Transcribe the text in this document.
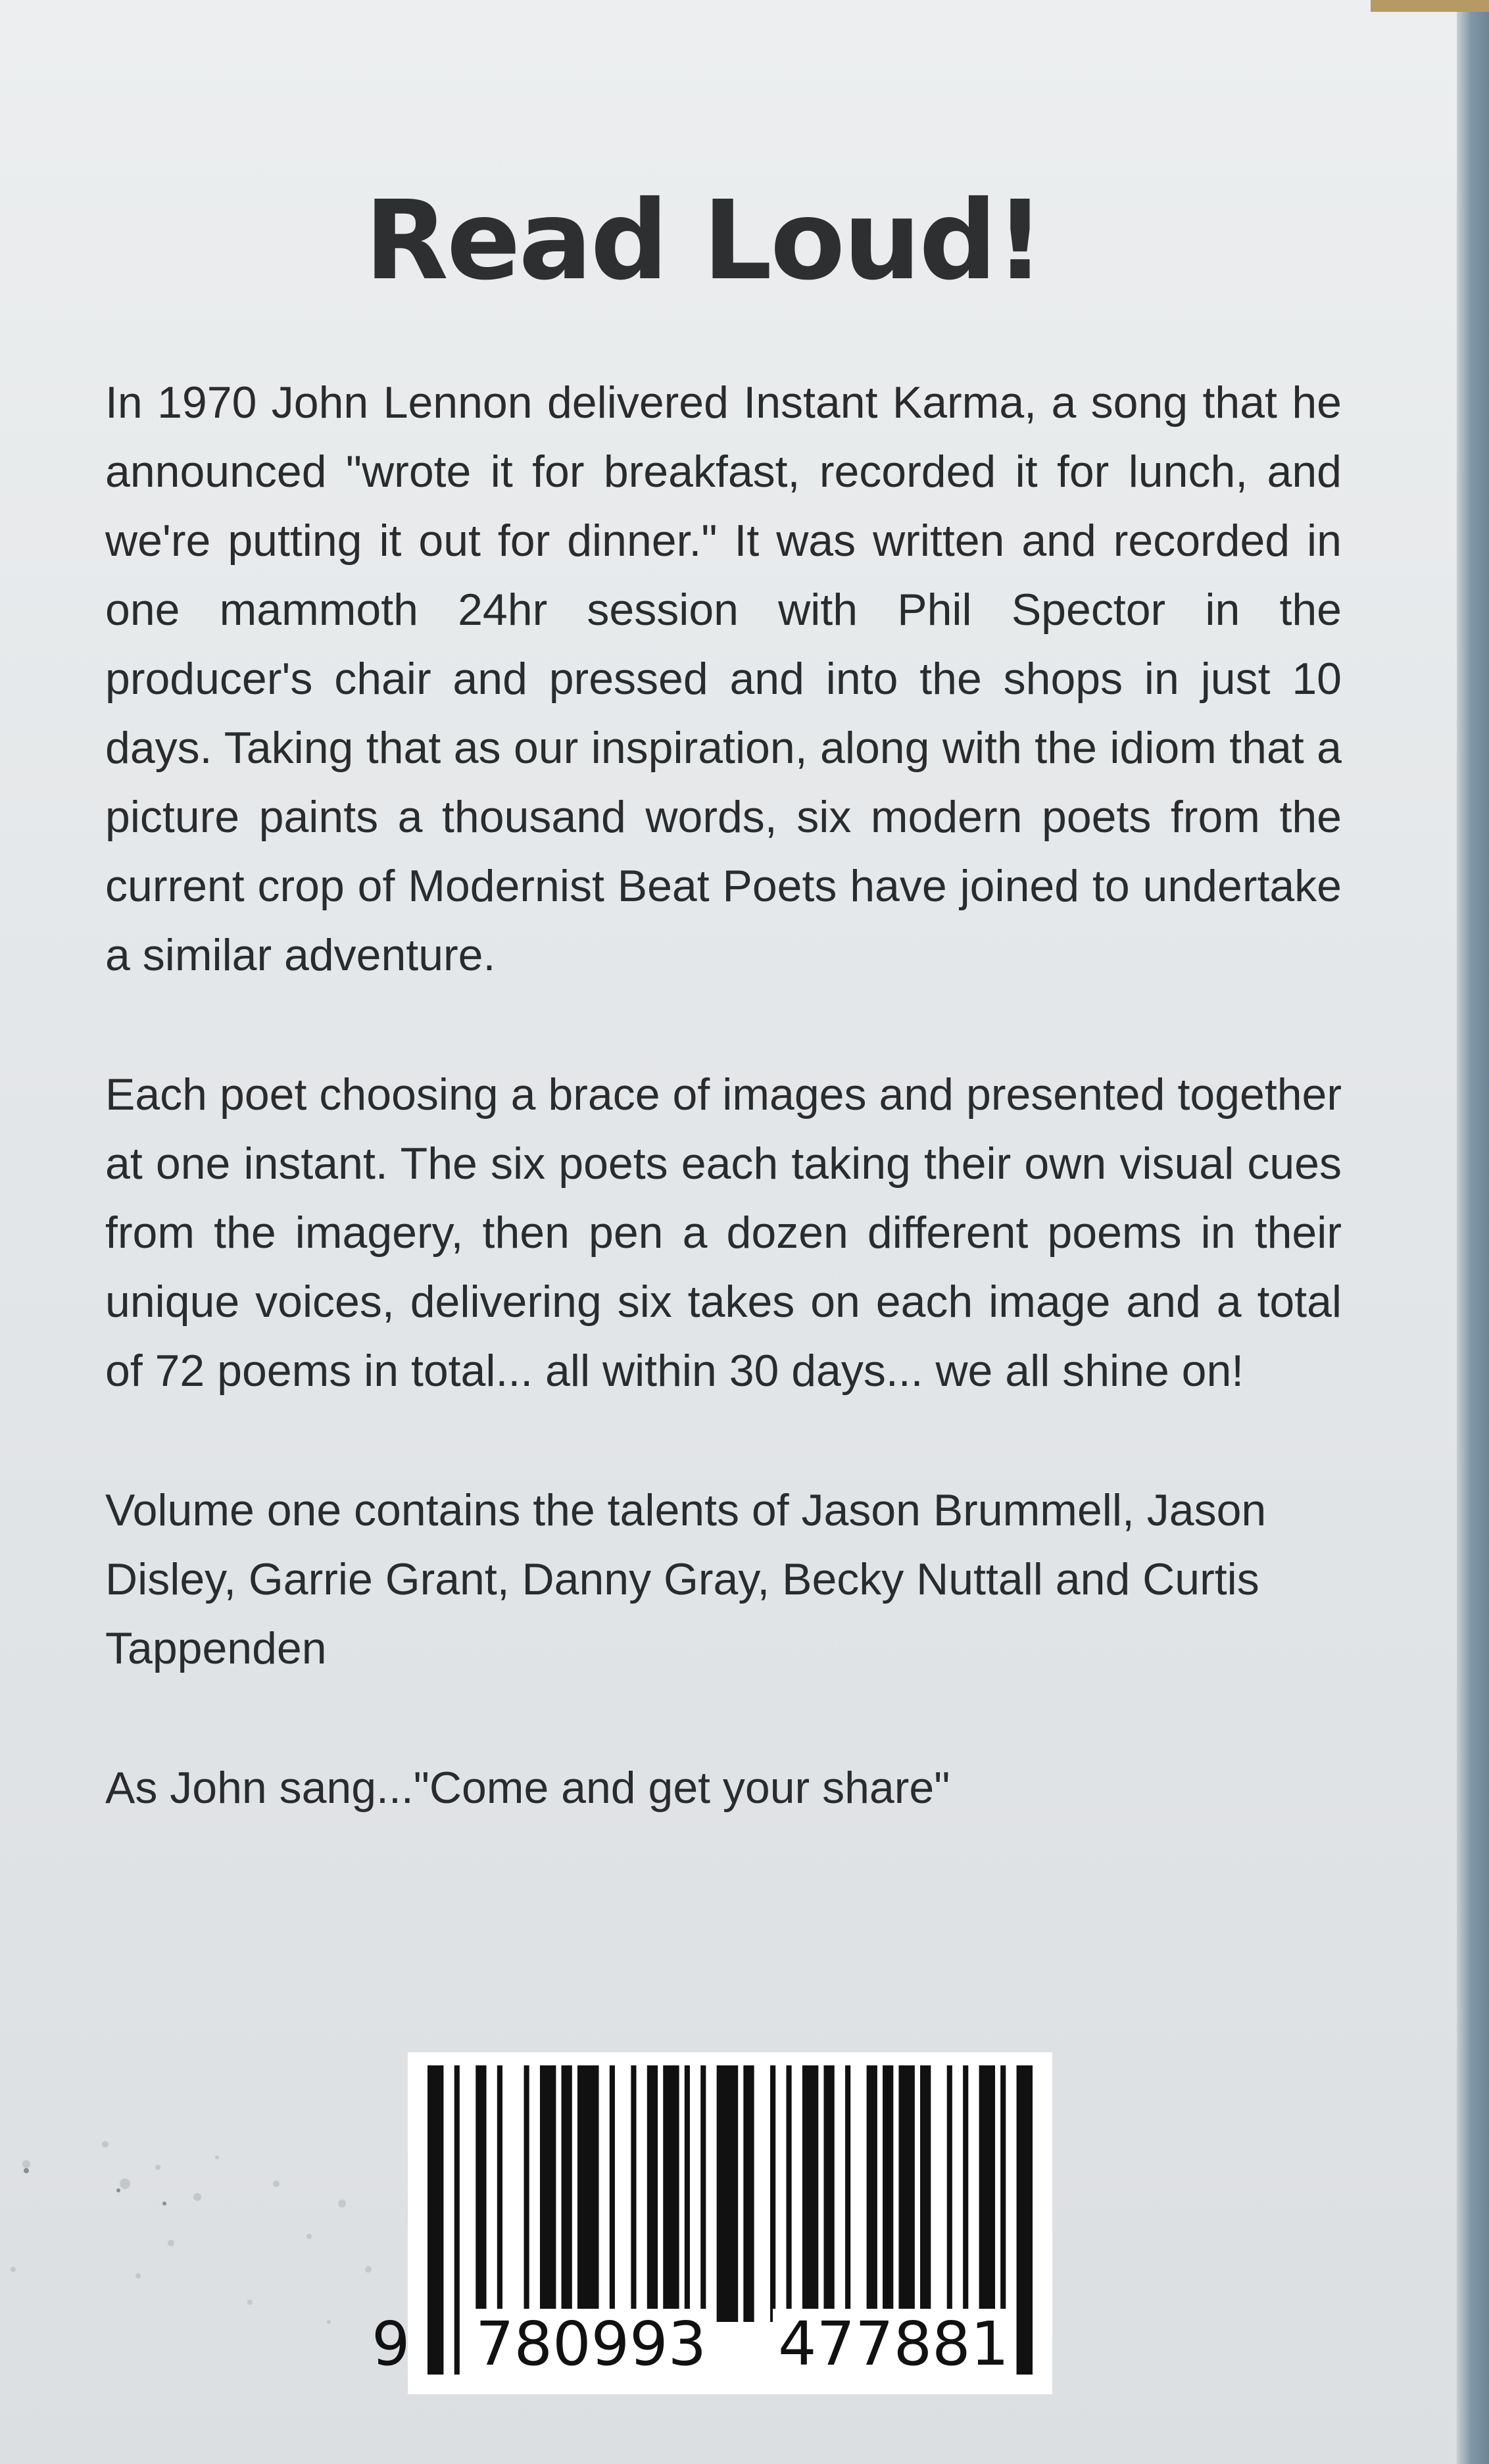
Read Loud!

In 1970 John Lennon delivered Instant Karma, a song that he announced "wrote it for breakfast, recorded it for lunch, and we're putting it out for dinner." It was written and recorded in one mammoth 24hr session with Phil Spector in the producer's chair and pressed and into the shops in just 10 days. Taking that as our inspiration, along with the idiom that a picture paints a thousand words, six modern poets from the current crop of Modernist Beat Poets have joined to undertake a similar adventure.

Each poet choosing a brace of images and presented together at one instant. The six poets each taking their own visual cues from the imagery, then pen a dozen different poems in their unique voices, delivering six takes on each image and a total of 72 poems in total... all within 30 days... we all shine on!

Volume one contains the talents of Jason Brummell, Jason Disley, Garrie Grant, Danny Gray, Becky Nuttall and Curtis Tappenden

As John sang..."Come and get your share"

9 780993 477881
